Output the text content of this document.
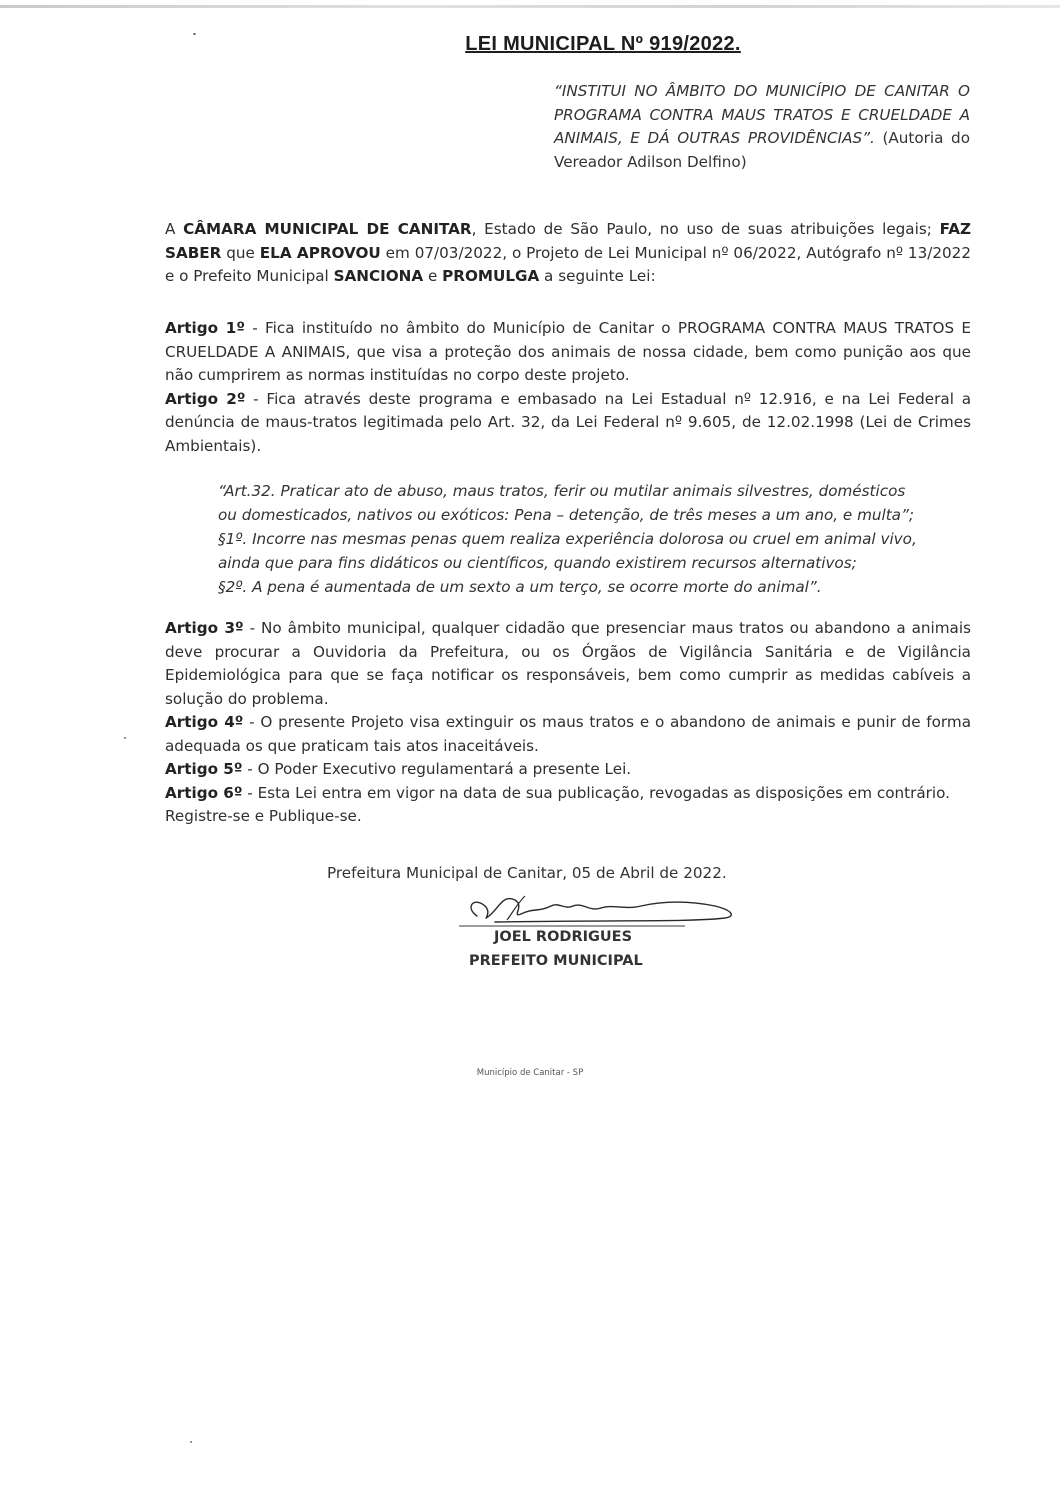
LEI MUNICIPAL Nº 919/2022.
“INSTITUI NO ÂMBITO DO MUNICÍPIO DE CANITAR O PROGRAMA CONTRA MAUS TRATOS E CRUELDADE A ANIMAIS, E DÁ OUTRAS PROVIDÊNCIAS”. (Autoria do Vereador Adilson Delfino)

A CÂMARA MUNICIPAL DE CANITAR, Estado de São Paulo, no uso de suas atribuições legais; FAZ SABER que ELA APROVOU em 07/03/2022, o Projeto de Lei Municipal nº 06/2022, Autógrafo nº 13/2022 e o Prefeito Municipal SANCIONA e PROMULGA a seguinte Lei:

Artigo 1º - Fica instituído no âmbito do Município de Canitar o PROGRAMA CONTRA MAUS TRATOS E CRUELDADE A ANIMAIS, que visa a proteção dos animais de nossa cidade, bem como punição aos que não cumprirem as normas instituídas no corpo deste projeto.

Artigo 2º - Fica através deste programa e embasado na Lei Estadual nº 12.916, e na Lei Federal a denúncia de maus-tratos legitimada pelo Art. 32, da Lei Federal nº 9.605, de 12.02.1998 (Lei de Crimes Ambientais).

“Art.32. Praticar ato de abuso, maus tratos, ferir ou mutilar animais silvestres, domésticos

ou domesticados, nativos ou exóticos: Pena – detenção, de três meses a um ano, e multa”;

§1º. Incorre nas mesmas penas quem realiza experiência dolorosa ou cruel em animal vivo,

ainda que para fins didáticos ou científicos, quando existirem recursos alternativos;

§2º. A pena é aumentada de um sexto a um terço, se ocorre morte do animal”.

Artigo 3º - No âmbito municipal, qualquer cidadão que presenciar maus tratos ou abandono a animais deve procurar a Ouvidoria da Prefeitura, ou os Órgãos de Vigilância Sanitária e de Vigilância Epidemiológica para que se faça notificar os responsáveis, bem como cumprir as medidas cabíveis a solução do problema.

Artigo 4º - O presente Projeto visa extinguir os maus tratos e o abandono de animais e punir de forma adequada os que praticam tais atos inaceitáveis.

Artigo 5º - O Poder Executivo regulamentará a presente Lei.

Artigo 6º - Esta Lei entra em vigor na data de sua publicação, revogadas as disposições em contrário.

Registre-se e Publique-se.

Prefeitura Municipal de Canitar, 05 de Abril de 2022.
JOEL RODRIGUES
PREFEITO MUNICIPAL
Município de Canitar - SP
